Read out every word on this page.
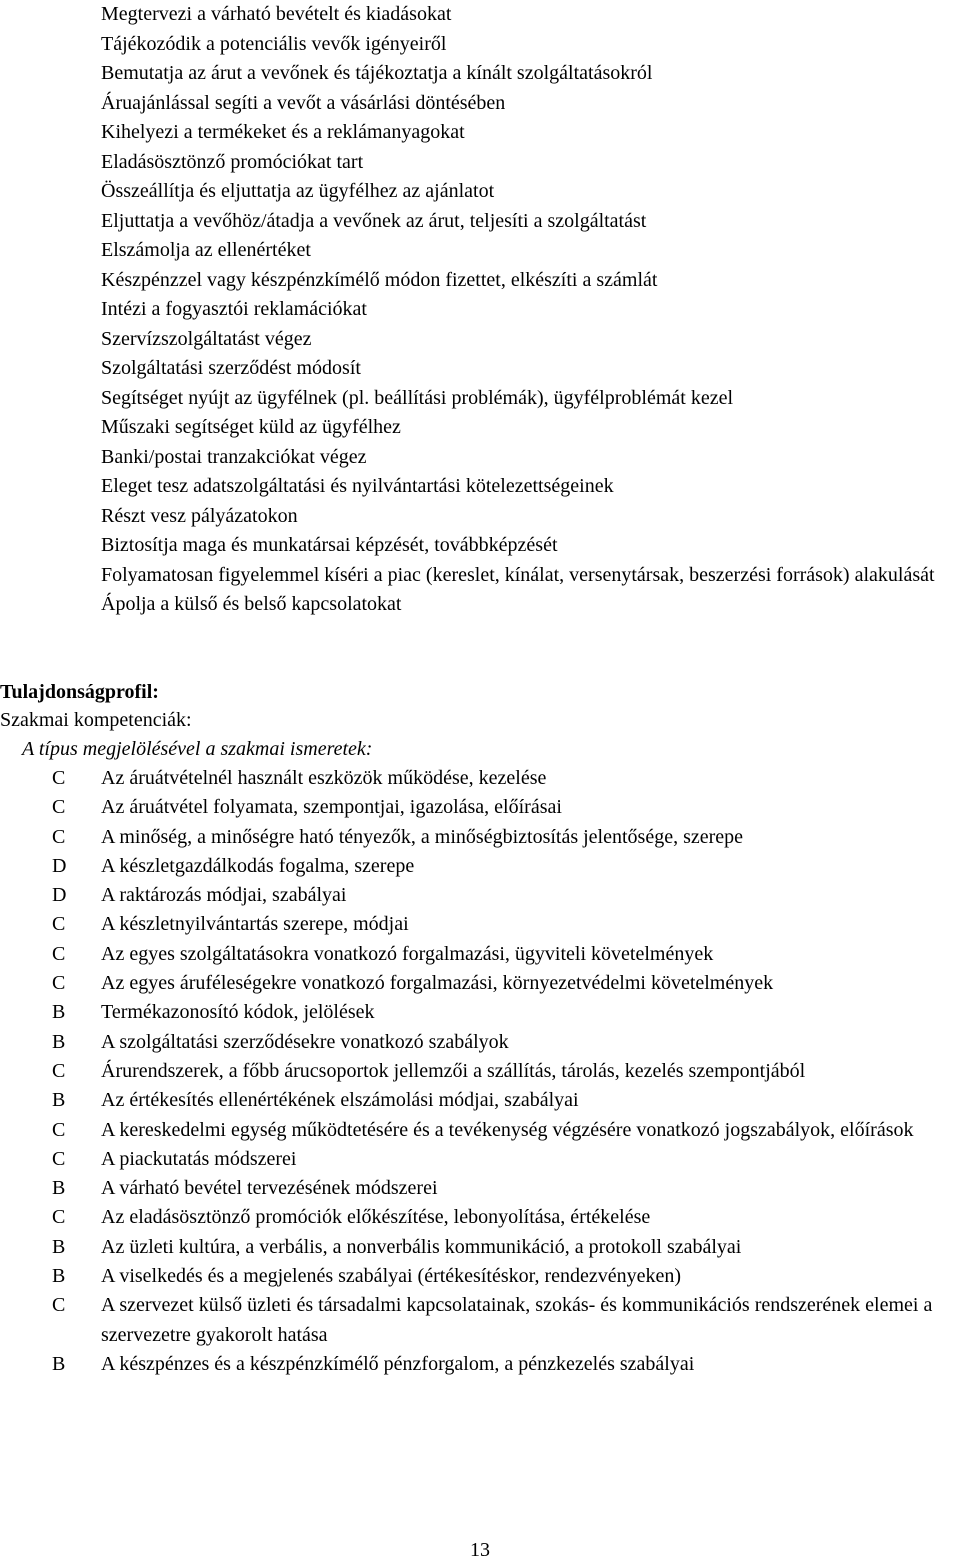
Megtervezi a várható bevételt és kiadásokat
Tájékozódik a potenciális vevők igényeiről
Bemutatja az árut a vevőnek és tájékoztatja a kínált szolgáltatásokról
Áruajánlással segíti a vevőt a vásárlási döntésében
Kihelyezi a termékeket és a reklámanyagokat
Eladásösztönző promóciókat tart
Összeállítja és eljuttatja az ügyfélhez az ajánlatot
Eljuttatja a vevőhöz/átadja a vevőnek az árut, teljesíti a szolgáltatást
Elszámolja az ellenértéket
Készpénzzel vagy készpénzkímélő módon fizettet, elkészíti a számlát
Intézi a fogyasztói reklamációkat
Szervízszolgáltatást végez
Szolgáltatási szerződést módosít
Segítséget nyújt az ügyfélnek (pl. beállítási problémák), ügyfélproblémát kezel
Műszaki segítséget küld az ügyfélhez
Banki/postai tranzakciókat végez
Eleget tesz adatszolgáltatási és nyilvántartási kötelezettségeinek
Részt vesz pályázatokon
Biztosítja maga és munkatársai képzését, továbbképzését
Folyamatosan figyelemmel kíséri a piac (kereslet, kínálat, versenytársak, beszerzési források) alakulását
Ápolja a külső és belső kapcsolatokat
Tulajdonságprofil:
Szakmai kompetenciák:
A típus megjelölésével a szakmai ismeretek:
C	Az áruátvételnél használt eszközök működése, kezelése
C	Az áruátvétel folyamata, szempontjai, igazolása, előírásai
C	A minőség, a minőségre ható tényezők, a minőségbiztosítás jelentősége, szerepe
D	A készletgazdálkodás fogalma, szerepe
D	A raktározás módjai, szabályai
C	A készletnyilvántartás szerepe, módjai
C	Az egyes szolgáltatásokra vonatkozó forgalmazási, ügyviteli követelmények
C	Az egyes áruféleségekre vonatkozó forgalmazási, környezetvédelmi követelmények
B	Termékazonosító kódok, jelölések
B	A szolgáltatási szerződésekre vonatkozó szabályok
C	Árurendszerek, a főbb árucsoportok jellemzői a szállítás, tárolás, kezelés szempontjából
B	Az értékesítés ellenértékének elszámolási módjai, szabályai
C	A kereskedelmi egység működtetésére és a tevékenység végzésére vonatkozó jogszabályok, előírások
C	A piackutatás módszerei
B	A várható bevétel tervezésének módszerei
C	Az eladásösztönző promóciók előkészítése, lebonyolítása, értékelése
B	Az üzleti kultúra, a verbális, a nonverbális kommunikáció, a protokoll szabályai
B	A viselkedés és a megjelenés szabályai (értékesítéskor, rendezvényeken)
C	A szervezet külső üzleti és társadalmi kapcsolatainak, szokás- és kommunikációs rendszerének elemei a szervezetre gyakorolt hatása
B	A készpénzes és a készpénzkímélő pénzforgalom, a pénzkezelés szabályai
13
